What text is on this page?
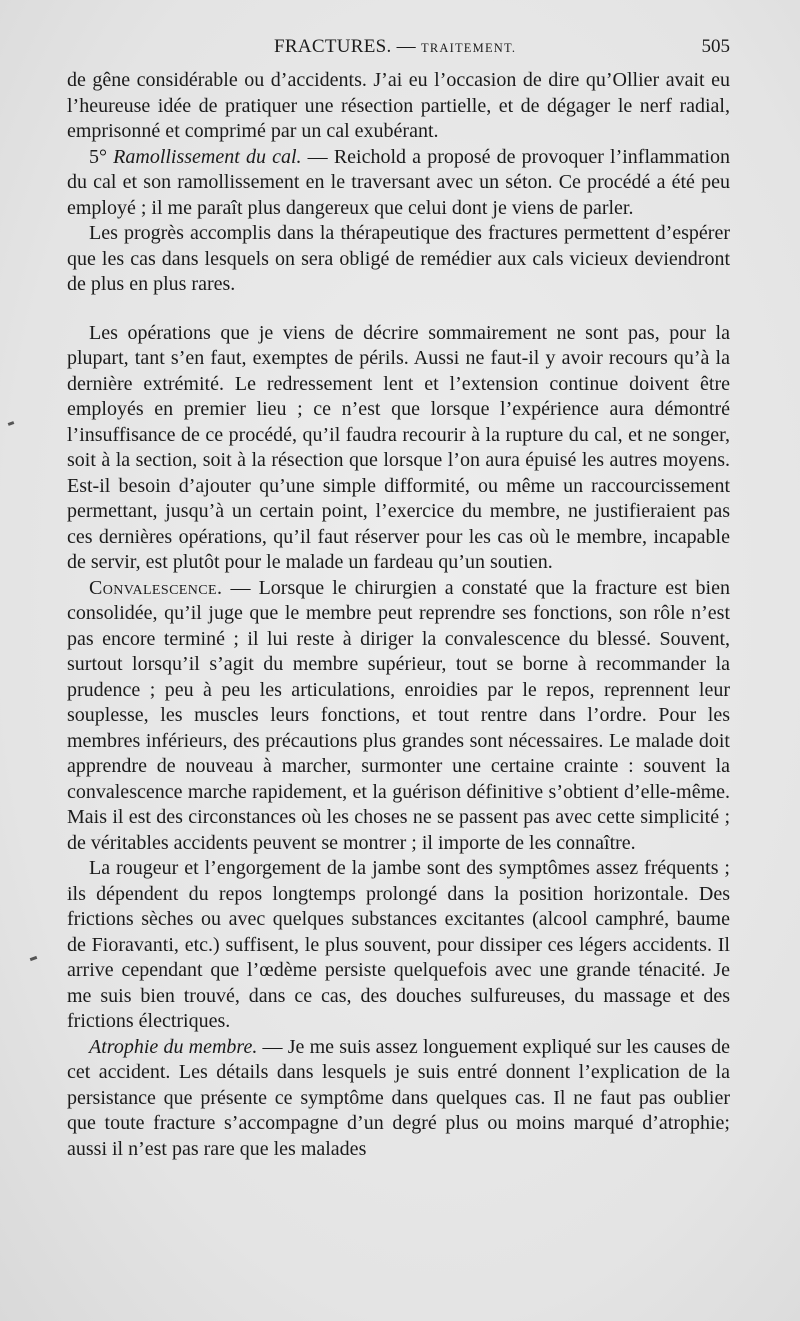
FRACTURES. — TRAITEMENT.	505

de gêne considérable ou d’accidents. J’ai eu l’occasion de dire qu’Ollier avait eu l’heureuse idée de pratiquer une résection partielle, et de dégager le nerf radial, emprisonné et comprimé par un cal exubérant.

5° Ramollissement du cal. — Reichold a proposé de provoquer l’inflammation du cal et son ramollissement en le traversant avec un séton. Ce procédé a été peu employé ; il me paraît plus dangereux que celui dont je viens de parler.

Les progrès accomplis dans la thérapeutique des fractures permettent d’espérer que les cas dans lesquels on sera obligé de remédier aux cals vicieux deviendront de plus en plus rares.

Les opérations que je viens de décrire sommairement ne sont pas, pour la plupart, tant s’en faut, exemptes de périls. Aussi ne faut-il y avoir recours qu’à la dernière extrémité. Le redressement lent et l’extension continue doivent être employés en premier lieu ; ce n’est que lorsque l’expérience aura démontré l’insuffisance de ce procédé, qu’il faudra recourir à la rupture du cal, et ne songer, soit à la section, soit à la résection que lorsque l’on aura épuisé les autres moyens. Est-il besoin d’ajouter qu’une simple difformité, ou même un raccourcissement permettant, jusqu’à un certain point, l’exercice du membre, ne justifieraient pas ces dernières opérations, qu’il faut réserver pour les cas où le membre, incapable de servir, est plutôt pour le malade un fardeau qu’un soutien.

Convalescence. — Lorsque le chirurgien a constaté que la fracture est bien consolidée, qu’il juge que le membre peut reprendre ses fonctions, son rôle n’est pas encore terminé ; il lui reste à diriger la convalescence du blessé. Souvent, surtout lorsqu’il s’agit du membre supérieur, tout se borne à recommander la prudence ; peu à peu les articulations, enroidies par le repos, reprennent leur souplesse, les muscles leurs fonctions, et tout rentre dans l’ordre. Pour les membres inférieurs, des précautions plus grandes sont nécessaires. Le malade doit apprendre de nouveau à marcher, surmonter une certaine crainte : souvent la convalescence marche rapidement, et la guérison définitive s’obtient d’elle-même. Mais il est des circonstances où les choses ne se passent pas avec cette simplicité ; de véritables accidents peuvent se montrer ; il importe de les connaître.

La rougeur et l’engorgement de la jambe sont des symptômes assez fréquents ; ils dépendent du repos longtemps prolongé dans la position horizontale. Des frictions sèches ou avec quelques substances excitantes (alcool camphré, baume de Fioravanti, etc.) suffisent, le plus souvent, pour dissiper ces légers accidents. Il arrive cependant que l’œdème persiste quelquefois avec une grande ténacité. Je me suis bien trouvé, dans ce cas, des douches sulfureuses, du massage et des frictions électriques.

Atrophie du membre. — Je me suis assez longuement expliqué sur les causes de cet accident. Les détails dans lesquels je suis entré donnent l’explication de la persistance que présente ce symptôme dans quelques cas. Il ne faut pas oublier que toute fracture s’accompagne d’un degré plus ou moins marqué d’atrophie; aussi il n’est pas rare que les malades
